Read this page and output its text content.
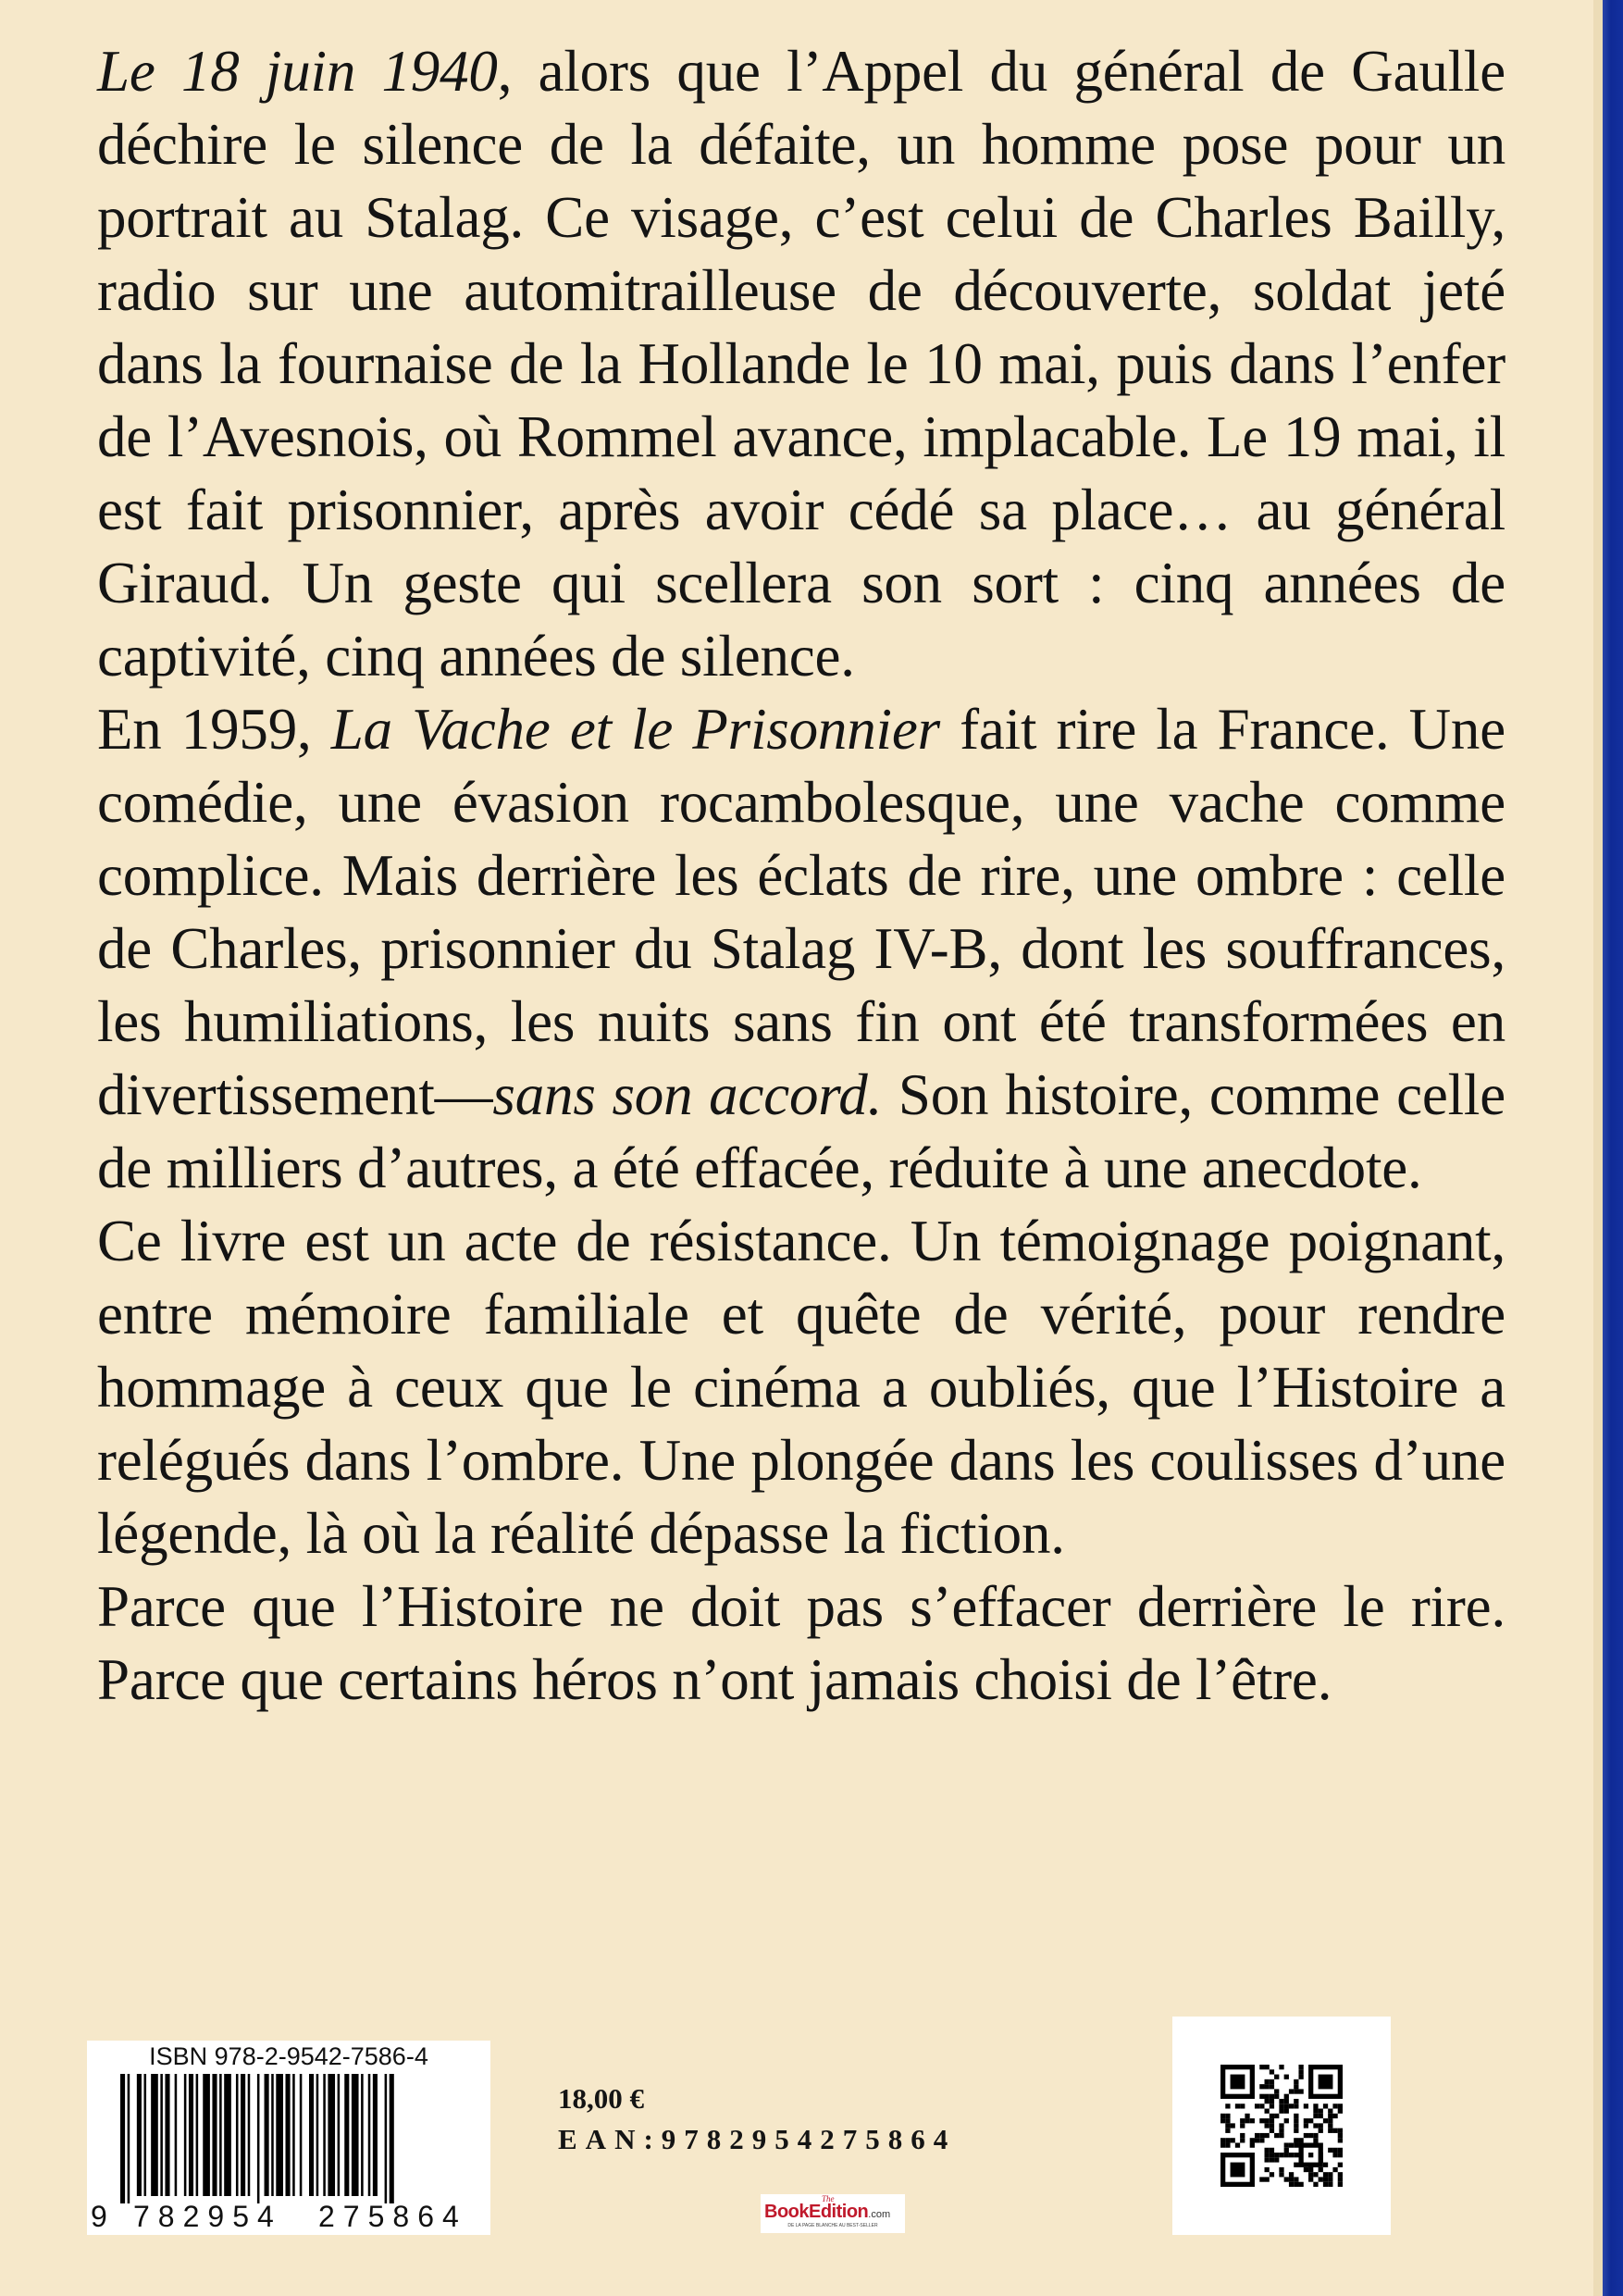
Le 18 juin 1940, alors que l’Appel du général de Gaulle déchire le silence de la défaite, un homme pose pour un portrait au Stalag. Ce visage, c’est celui de Charles Bailly, radio sur une automitrailleuse de découverte, soldat jeté dans la fournaise de la Hollande le 10 mai, puis dans l’enfer de l’Avesnois, où Rommel avance, implacable. Le 19 mai, il est fait prisonnier, après avoir cédé sa place… au général Giraud. Un geste qui scellera son sort : cinq années de captivité, cinq années de silence.

En 1959, La Vache et le Prisonnier fait rire la France. Une comédie, une évasion rocambolesque, une vache comme complice. Mais derrière les éclats de rire, une ombre : celle de Charles, prisonnier du Stalag IV-B, dont les souffrances, les humiliations, les nuits sans fin ont été transformées en divertissement—sans son accord. Son histoire, comme celle de milliers d’autres, a été effacée, réduite à une anecdote.

Ce livre est un acte de résistance. Un témoignage poignant, entre mémoire familiale et quête de vérité, pour rendre hommage à ceux que le cinéma a oubliés, que l’Histoire a relégués dans l’ombre. Une plongée dans les coulisses d’une légende, là où la réalité dépasse la fiction.

Parce que l’Histoire ne doit pas s’effacer derrière le rire. Parce que certains héros n’ont jamais choisi de l’être.

ISBN 978-2-9542-7586-4
9 782954 275864
18,00 €
EAN:9782954275864
The
BookEdition.com
DE LA PAGE BLANCHE AU BEST-SELLER
